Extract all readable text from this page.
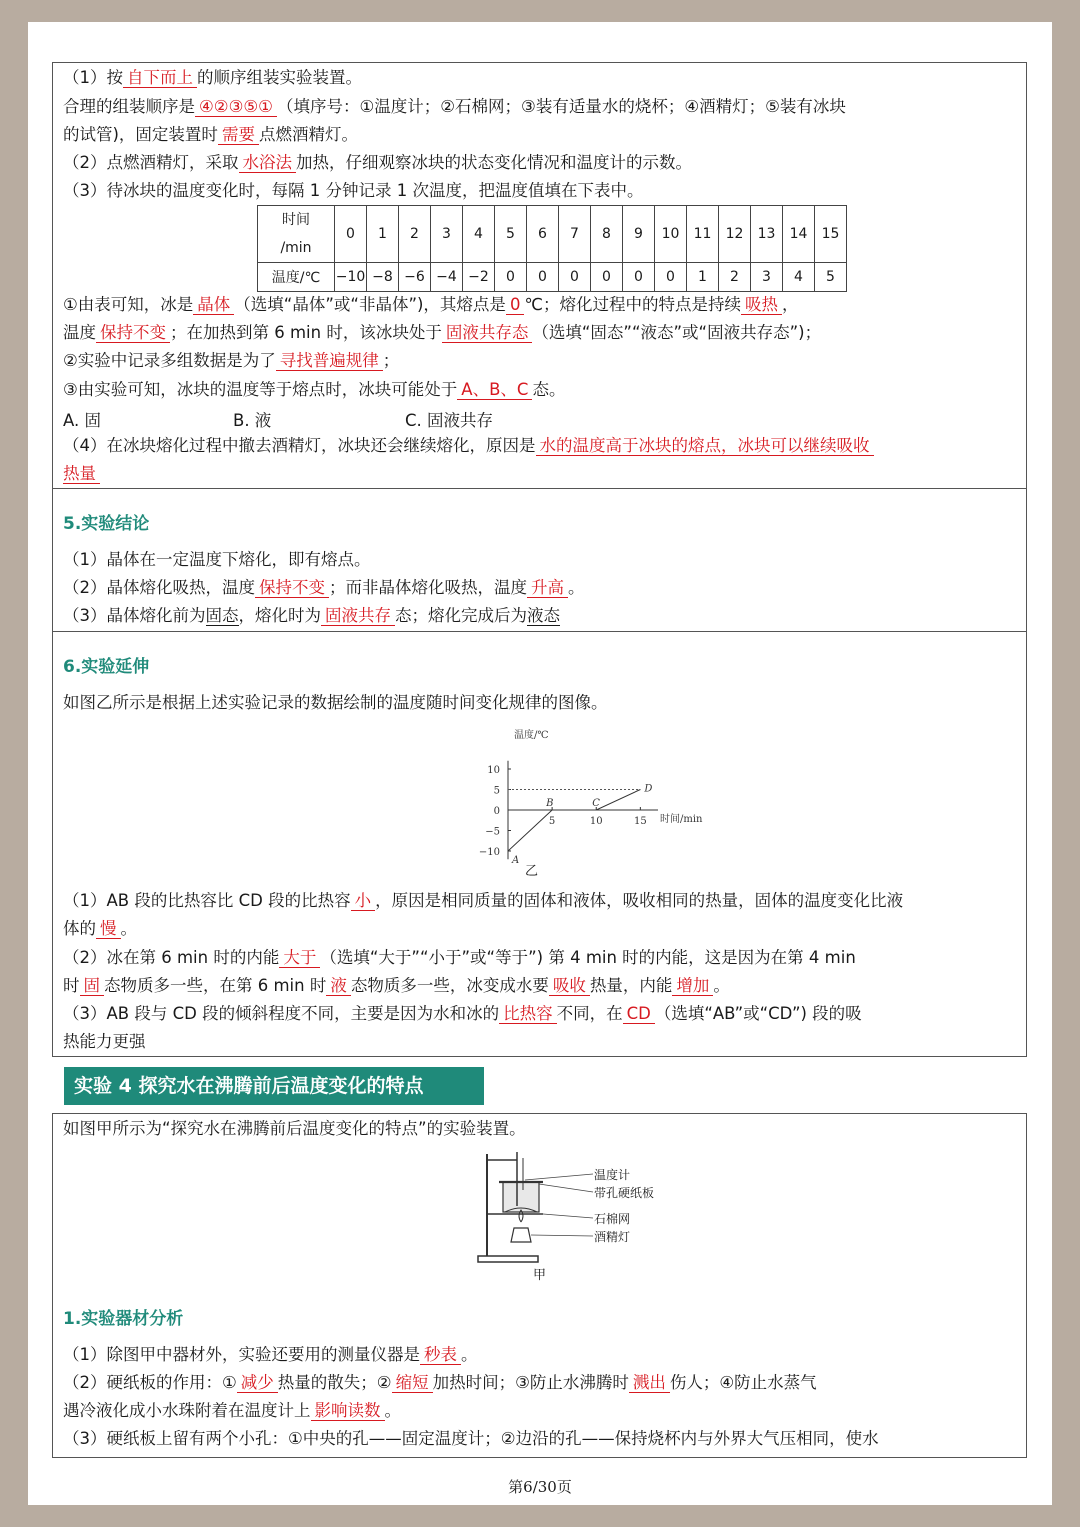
（1）按 自下而上 的顺序组装实验装置。
合理的组装顺序是 ④②③⑤① （填序号：①温度计；②石棉网；③装有适量水的烧杯；④酒精灯；⑤装有冰块
的试管)，固定装置时 需要 点燃酒精灯。
（2）点燃酒精灯，采取 水浴法 加热，仔细观察冰块的状态变化情况和温度计的示数。
（3）待冰块的温度变化时，每隔 1 分钟记录 1 次温度，把温度值填在下表中。
时间
/min	0	1	2	3	4	5	6	7	8	9	10	11	12	13	14	15
温度/℃	−10	−8	−6	−4	−2	0	0	0	0	0	0	1	2	3	4	5
①由表可知，冰是 晶体 （选填“晶体”或“非晶体”)，其熔点是 0 ℃；熔化过程中的特点是持续 吸热 ，
温度 保持不变 ；在加热到第 6 min 时，该冰块处于 固液共存态 （选填“固态”“液态”或“固液共存态”)；
②实验中记录多组数据是为了 寻找普遍规律 ；
③由实验可知，冰块的温度等于熔点时，冰块可能处于 A、B、C 态。
A. 固	B. 液	C. 固液共存
（4）在冰块熔化过程中撤去酒精灯，冰块还会继续熔化，原因是 水的温度高于冰块的熔点，冰块可以继续吸收
热量
5.实验结论
（1）晶体在一定温度下熔化，即有熔点。
（2）晶体熔化吸热，温度 保持不变 ；而非晶体熔化吸热，温度 升高 。
（3）晶体熔化前为固态，熔化时为 固液共存 态；熔化完成后为液态
6.实验延伸
如图乙所示是根据上述实验记录的数据绘制的温度随时间变化规律的图像。
温度/℃
时间/min
10
5
0
−5
−10
5	10	15
A
B	C
D
乙
（1）AB 段的比热容比 CD 段的比热容 小 ，原因是相同质量的固体和液体，吸收相同的热量，固体的温度变化比液
体的 慢 。
（2）冰在第 6 min 时的内能 大于 （选填“大于”“小于”或“等于”) 第 4 min 时的内能，这是因为在第 4 min
时 固 态物质多一些，在第 6 min 时 液 态物质多一些，冰变成水要 吸收 热量，内能 增加 。
（3）AB 段与 CD 段的倾斜程度不同，主要是因为水和冰的 比热容 不同，在 CD （选填“AB”或“CD”) 段的吸
热能力更强
实验 4 探究水在沸腾前后温度变化的特点
如图甲所示为“探究水在沸腾前后温度变化的特点”的实验装置。
温度计
带孔硬纸板
石棉网
酒精灯
甲
1.实验器材分析
（1）除图甲中器材外，实验还要用的测量仪器是 秒表 。
（2）硬纸板的作用：① 减少 热量的散失；② 缩短 加热时间；③防止水沸腾时 溅出 伤人；④防止水蒸气
遇冷液化成小水珠附着在温度计上 影响读数 。
（3）硬纸板上留有两个小孔：①中央的孔——固定温度计；②边沿的孔——保持烧杯内与外界大气压相同，使水
第6/30页
